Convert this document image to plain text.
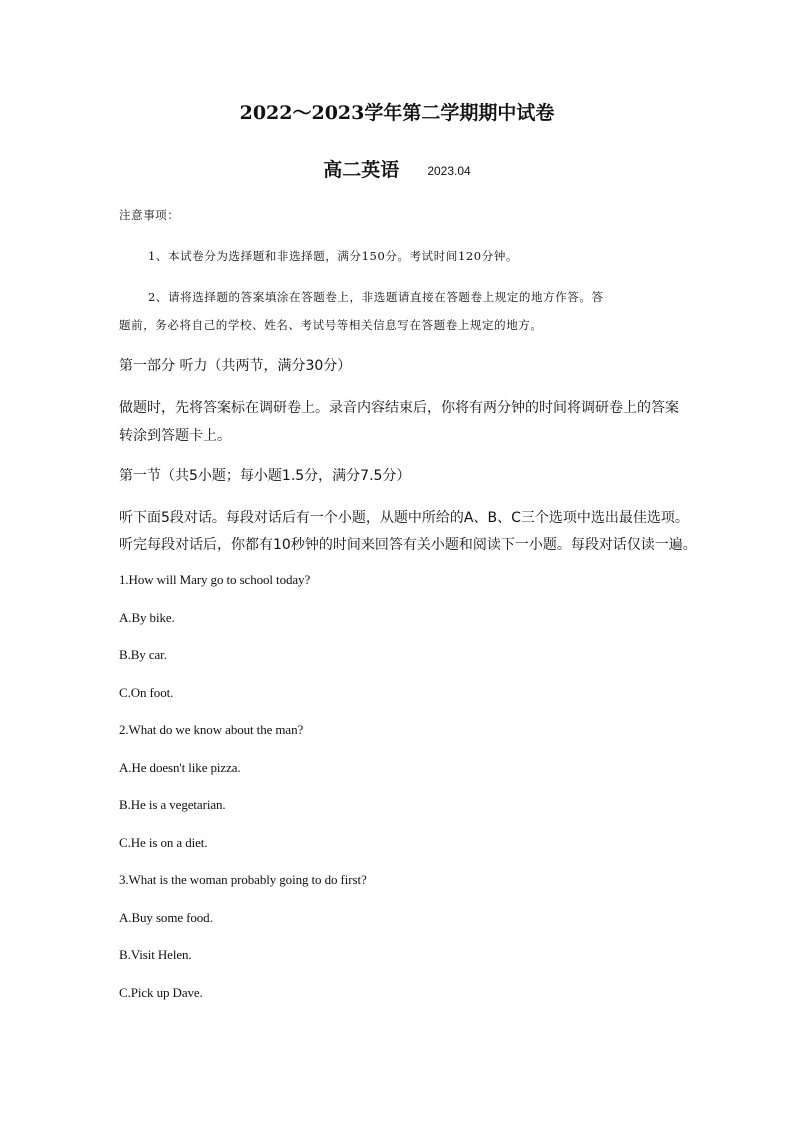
2022～2023学年第二学期期中试卷
高二英语 2023.04
注意事项：
1、本试卷分为选择题和非选择题，满分150分。考试时间120分钟。
2、请将选择题的答案填涂在答题卷上，非选题请直接在答题卷上规定的地方作答。答
题前，务必将自己的学校、姓名、考试号等相关信息写在答题卷上规定的地方。
第一部分 听力（共两节，满分30分）
做题时，先将答案标在调研卷上。录音内容结束后，你将有两分钟的时间将调研卷上的答案
转涂到答题卡上。
第一节（共5小题；每小题1.5分，满分7.5分）
听下面5段对话。每段对话后有一个小题，从题中所给的A、B、C三个选项中选出最佳选项。
听完每段对话后，你都有10秒钟的时间来回答有关小题和阅读下一小题。每段对话仅读一遍。
1.How will Mary go to school today?
A.By bike.
B.By car.
C.On foot.
2.What do we know about the man?
A.He doesn't like pizza.
B.He is a vegetarian.
C.He is on a diet.
3.What is the woman probably going to do first?
A.Buy some food.
B.Visit Helen.
C.Pick up Dave.
